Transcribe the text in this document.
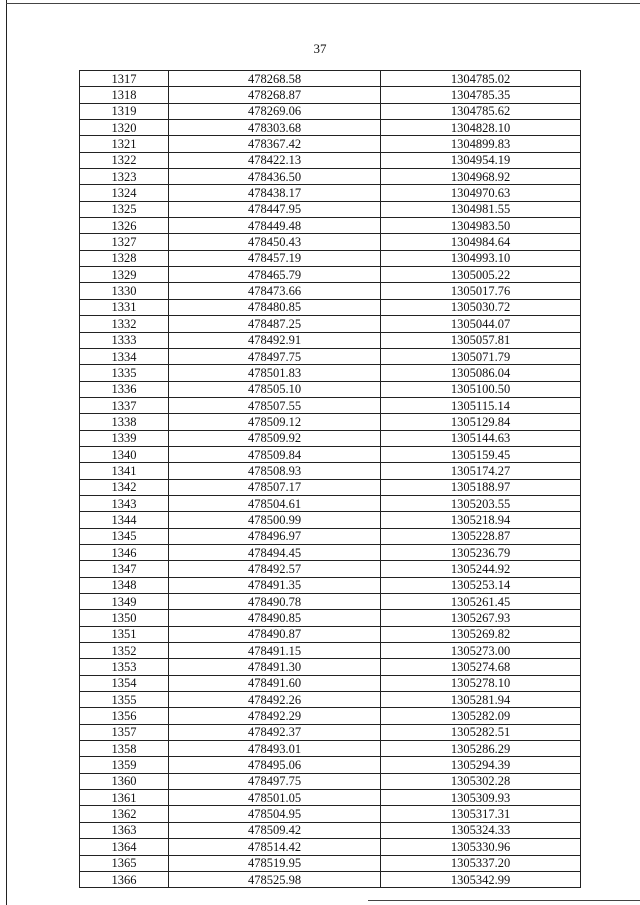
37
1317	478268.58	1304785.02
1318	478268.87	1304785.35
1319	478269.06	1304785.62
1320	478303.68	1304828.10
1321	478367.42	1304899.83
1322	478422.13	1304954.19
1323	478436.50	1304968.92
1324	478438.17	1304970.63
1325	478447.95	1304981.55
1326	478449.48	1304983.50
1327	478450.43	1304984.64
1328	478457.19	1304993.10
1329	478465.79	1305005.22
1330	478473.66	1305017.76
1331	478480.85	1305030.72
1332	478487.25	1305044.07
1333	478492.91	1305057.81
1334	478497.75	1305071.79
1335	478501.83	1305086.04
1336	478505.10	1305100.50
1337	478507.55	1305115.14
1338	478509.12	1305129.84
1339	478509.92	1305144.63
1340	478509.84	1305159.45
1341	478508.93	1305174.27
1342	478507.17	1305188.97
1343	478504.61	1305203.55
1344	478500.99	1305218.94
1345	478496.97	1305228.87
1346	478494.45	1305236.79
1347	478492.57	1305244.92
1348	478491.35	1305253.14
1349	478490.78	1305261.45
1350	478490.85	1305267.93
1351	478490.87	1305269.82
1352	478491.15	1305273.00
1353	478491.30	1305274.68
1354	478491.60	1305278.10
1355	478492.26	1305281.94
1356	478492.29	1305282.09
1357	478492.37	1305282.51
1358	478493.01	1305286.29
1359	478495.06	1305294.39
1360	478497.75	1305302.28
1361	478501.05	1305309.93
1362	478504.95	1305317.31
1363	478509.42	1305324.33
1364	478514.42	1305330.96
1365	478519.95	1305337.20
1366	478525.98	1305342.99
